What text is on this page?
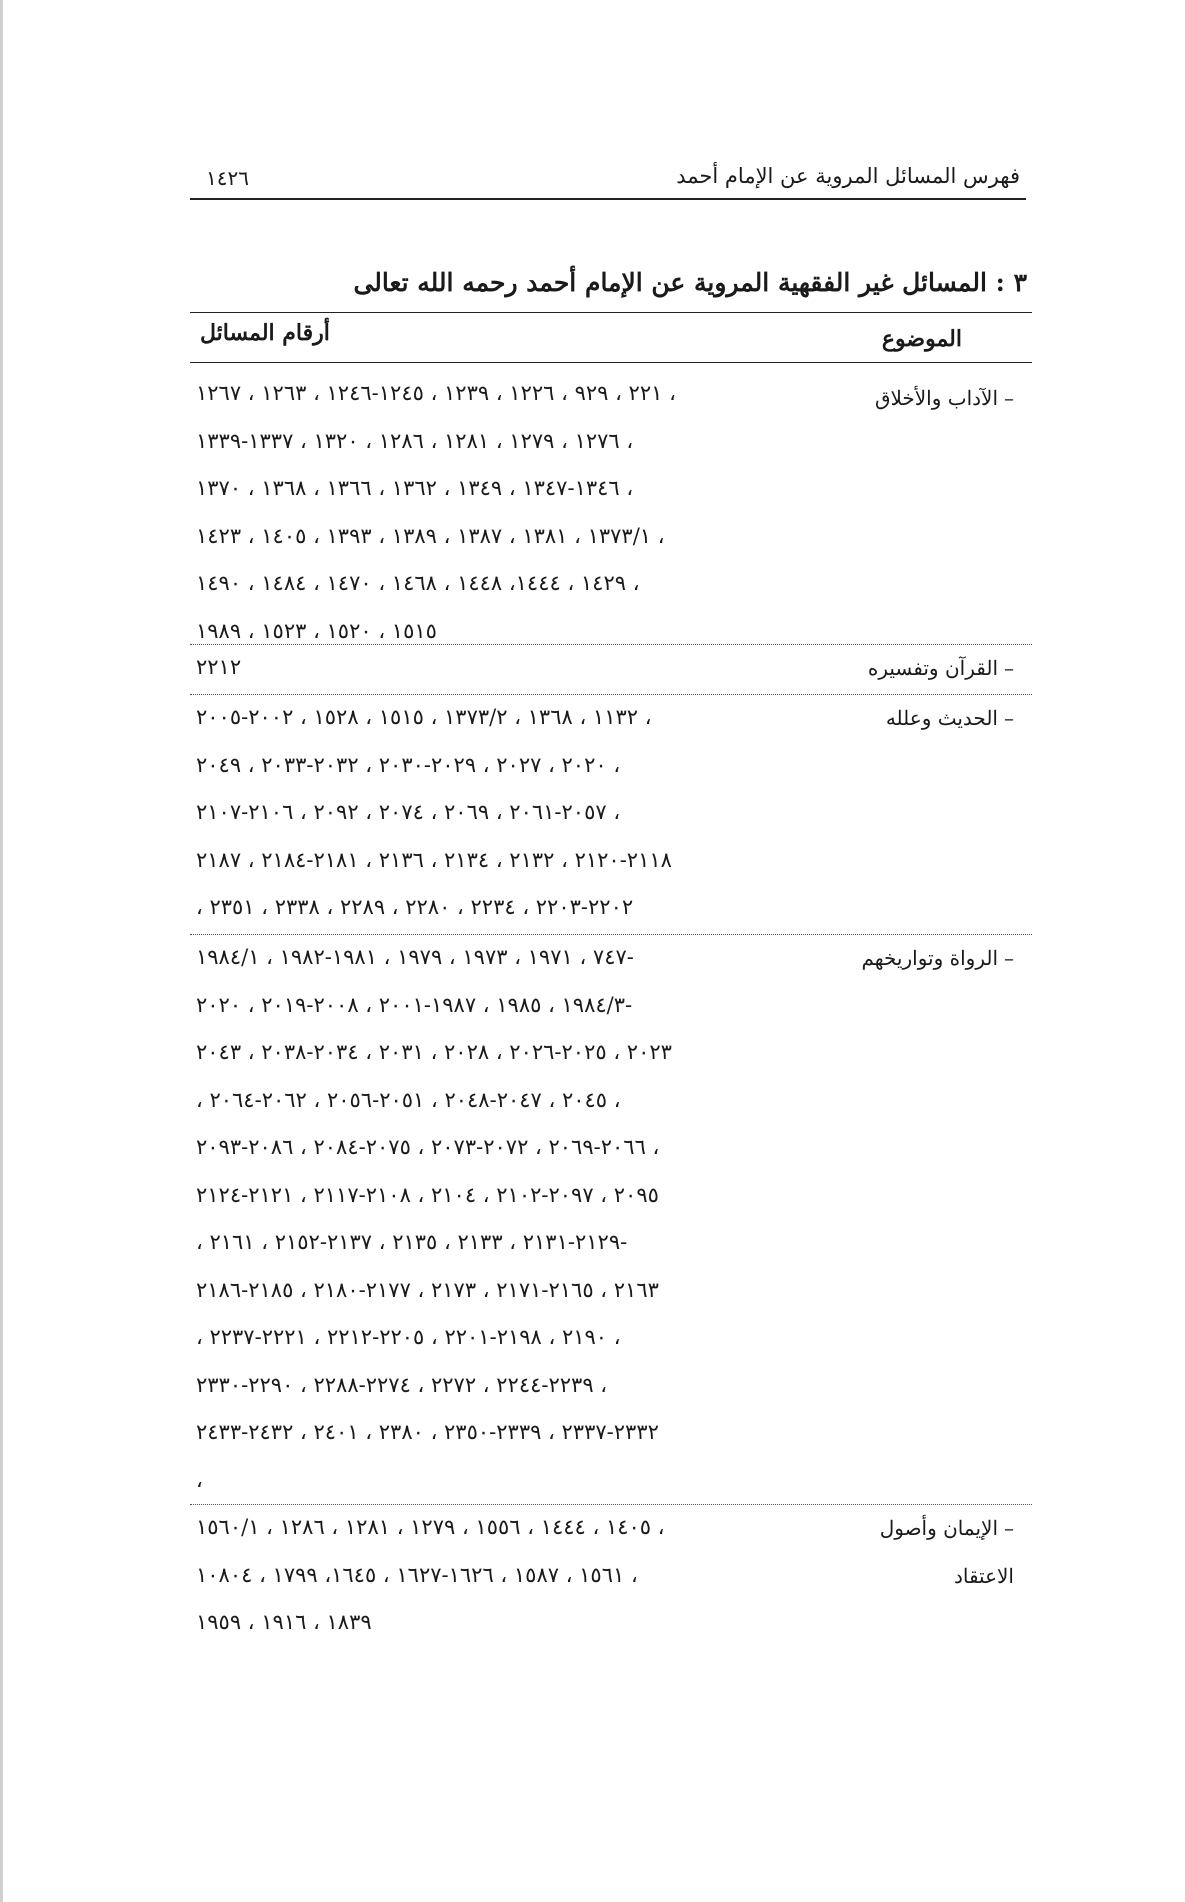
فهرس المسائل المروية عن الإمام أحمد
١٤٢٦
٣ : المسائل غير الفقهية المروية عن الإمام أحمد رحمه الله تعالى
الموضوع
أرقام المسائل
–الآداب والأخلاق
٢٢١ ، ٩٢٩ ، ١٢٢٦ ، ١٢٣٩ ، ١٢٤٥-١٢٤٦ ، ١٢٦٣ ، ١٢٦٧ ،
١٢٧٦ ، ١٢٧٩ ، ١٢٨١ ، ١٢٨٦ ، ١٣٢٠ ، ١٣٣٧-١٣٣٩ ،
١٣٤٦-١٣٤٧ ، ١٣٤٩ ، ١٣٦٢ ، ١٣٦٦ ، ١٣٦٨ ، ١٣٧٠ ،
١٣٧٣/١ ، ١٣٨١ ، ١٣٨٧ ، ١٣٨٩ ، ١٣٩٣ ، ١٤٠٥ ، ١٤٢٣ ،
١٤٢٩ ، ١٤٤٤، ١٤٤٨ ، ١٤٦٨ ، ١٤٧٠ ، ١٤٨٤ ، ١٤٩٠ ،
١٥١٥ ، ١٥٢٠ ، ١٥٢٣ ، ١٩٨٩
–القرآن وتفسيره
٢٢١٢
–الحديث وعلله
١١٣٢ ، ١٣٦٨ ، ١٣٧٣/٢ ، ١٥١٥ ، ١٥٢٨ ، ٢٠٠٢-٢٠٠٥ ،
٢٠٢٠ ، ٢٠٢٧ ، ٢٠٢٩-٢٠٣٠ ، ٢٠٣٢-٢٠٣٣ ، ٢٠٤٩ ،
٢٠٥٧-٢٠٦١ ، ٢٠٦٩ ، ٢٠٧٤ ، ٢٠٩٢ ، ٢١٠٦-٢١٠٧ ،
٢١١٨-٢١٢٠ ، ٢١٣٢ ، ٢١٣٤ ، ٢١٣٦ ، ٢١٨١-٢١٨٤ ، ٢١٨٧
، ٢٢٠٢-٢٢٠٣ ، ٢٢٣٤ ، ٢٢٨٠ ، ٢٢٨٩ ، ٢٣٣٨ ، ٢٣٥١
–الرواة وتواريخهم
٧٤٧ ، ١٩٧١ ، ١٩٧٣ ، ١٩٧٩ ، ١٩٨١-١٩٨٢ ، ١٩٨٤/١-
١٩٨٤/٣ ، ١٩٨٥ ، ١٩٨٧-٢٠٠١ ، ٢٠٠٨-٢٠١٩ ، ٢٠٢٠-
٢٠٢٣ ، ٢٠٢٥-٢٠٢٦ ، ٢٠٢٨ ، ٢٠٣١ ، ٢٠٣٤-٢٠٣٨ ، ٢٠٤٣
، ٢٠٤٥ ، ٢٠٤٧-٢٠٤٨ ، ٢٠٥١-٢٠٥٦ ، ٢٠٦٢-٢٠٦٤ ،
٢٠٦٦-٢٠٦٩ ، ٢٠٧٢-٢٠٧٣ ، ٢٠٧٥-٢٠٨٤ ، ٢٠٨٦-٢٠٩٣ ،
٢٠٩٥ ، ٢٠٩٧-٢١٠٢ ، ٢١٠٤ ، ٢١٠٨-٢١١٧ ، ٢١٢١-٢١٢٤
، ٢١٢٩-٢١٣١ ، ٢١٣٣ ، ٢١٣٥ ، ٢١٣٧-٢١٥٢ ، ٢١٦١-
٢١٦٣ ، ٢١٦٥-٢١٧١ ، ٢١٧٣ ، ٢١٧٧-٢١٨٠ ، ٢١٨٥-٢١٨٦
، ٢١٩٠ ، ٢١٩٨-٢٢٠١ ، ٢٢٠٥-٢٢١٢ ، ٢٢٢١-٢٢٣٧ ،
٢٢٣٩-٢٢٤٤ ، ٢٢٧٢ ، ٢٢٧٤-٢٢٨٨ ، ٢٢٩٠-٢٣٣٠ ،
٢٣٣٢-٢٣٣٧ ، ٢٣٣٩-٢٣٥٠ ، ٢٣٨٠ ، ٢٤٠١ ، ٢٤٣٢-٢٤٣٣
،
–الإيمان وأصول الاعتقاد
١٤٠٥ ، ١٤٤٤ ، ١٥٥٦ ، ١٢٧٩ ، ١٢٨١ ، ١٢٨٦ ، ١٥٦٠/١ ،
١٥٦١ ، ١٥٨٧ ، ١٦٢٦-١٦٢٧ ، ١٦٤٥، ١٧٩٩ ، ١٠٨٠٤ ،
١٨٣٩ ، ١٩١٦ ، ١٩٥٩
